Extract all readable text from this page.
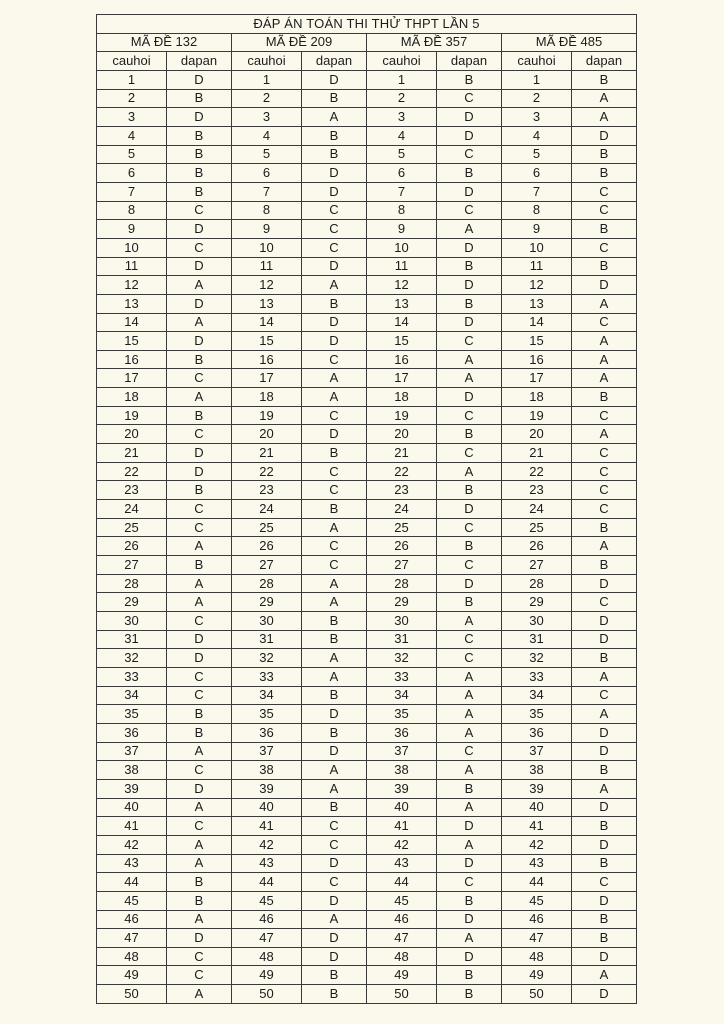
ĐÁP ÁN TOÁN THI THỬ THPT LẦN 5							
MÃ ĐỀ 132		MÃ ĐỀ 209		MÃ ĐỀ 357		MÃ ĐỀ 485	
cauhoi	dapan	cauhoi	dapan	cauhoi	dapan	cauhoi	dapan
1	D	1	D	1	B	1	B
2	B	2	B	2	C	2	A
3	D	3	A	3	D	3	A
4	B	4	B	4	D	4	D
5	B	5	B	5	C	5	B
6	B	6	D	6	B	6	B
7	B	7	D	7	D	7	C
8	C	8	C	8	C	8	C
9	D	9	C	9	A	9	B
10	C	10	C	10	D	10	C
11	D	11	D	11	B	11	B
12	A	12	A	12	D	12	D
13	D	13	B	13	B	13	A
14	A	14	D	14	D	14	C
15	D	15	D	15	C	15	A
16	B	16	C	16	A	16	A
17	C	17	A	17	A	17	A
18	A	18	A	18	D	18	B
19	B	19	C	19	C	19	C
20	C	20	D	20	B	20	A
21	D	21	B	21	C	21	C
22	D	22	C	22	A	22	C
23	B	23	C	23	B	23	C
24	C	24	B	24	D	24	C
25	C	25	A	25	C	25	B
26	A	26	C	26	B	26	A
27	B	27	C	27	C	27	B
28	A	28	A	28	D	28	D
29	A	29	A	29	B	29	C
30	C	30	B	30	A	30	D
31	D	31	B	31	C	31	D
32	D	32	A	32	C	32	B
33	C	33	A	33	A	33	A
34	C	34	B	34	A	34	C
35	B	35	D	35	A	35	A
36	B	36	B	36	A	36	D
37	A	37	D	37	C	37	D
38	C	38	A	38	A	38	B
39	D	39	A	39	B	39	A
40	A	40	B	40	A	40	D
41	C	41	C	41	D	41	B
42	A	42	C	42	A	42	D
43	A	43	D	43	D	43	B
44	B	44	C	44	C	44	C
45	B	45	D	45	B	45	D
46	A	46	A	46	D	46	B
47	D	47	D	47	A	47	B
48	C	48	D	48	D	48	D
49	C	49	B	49	B	49	A
50	A	50	B	50	B	50	D
